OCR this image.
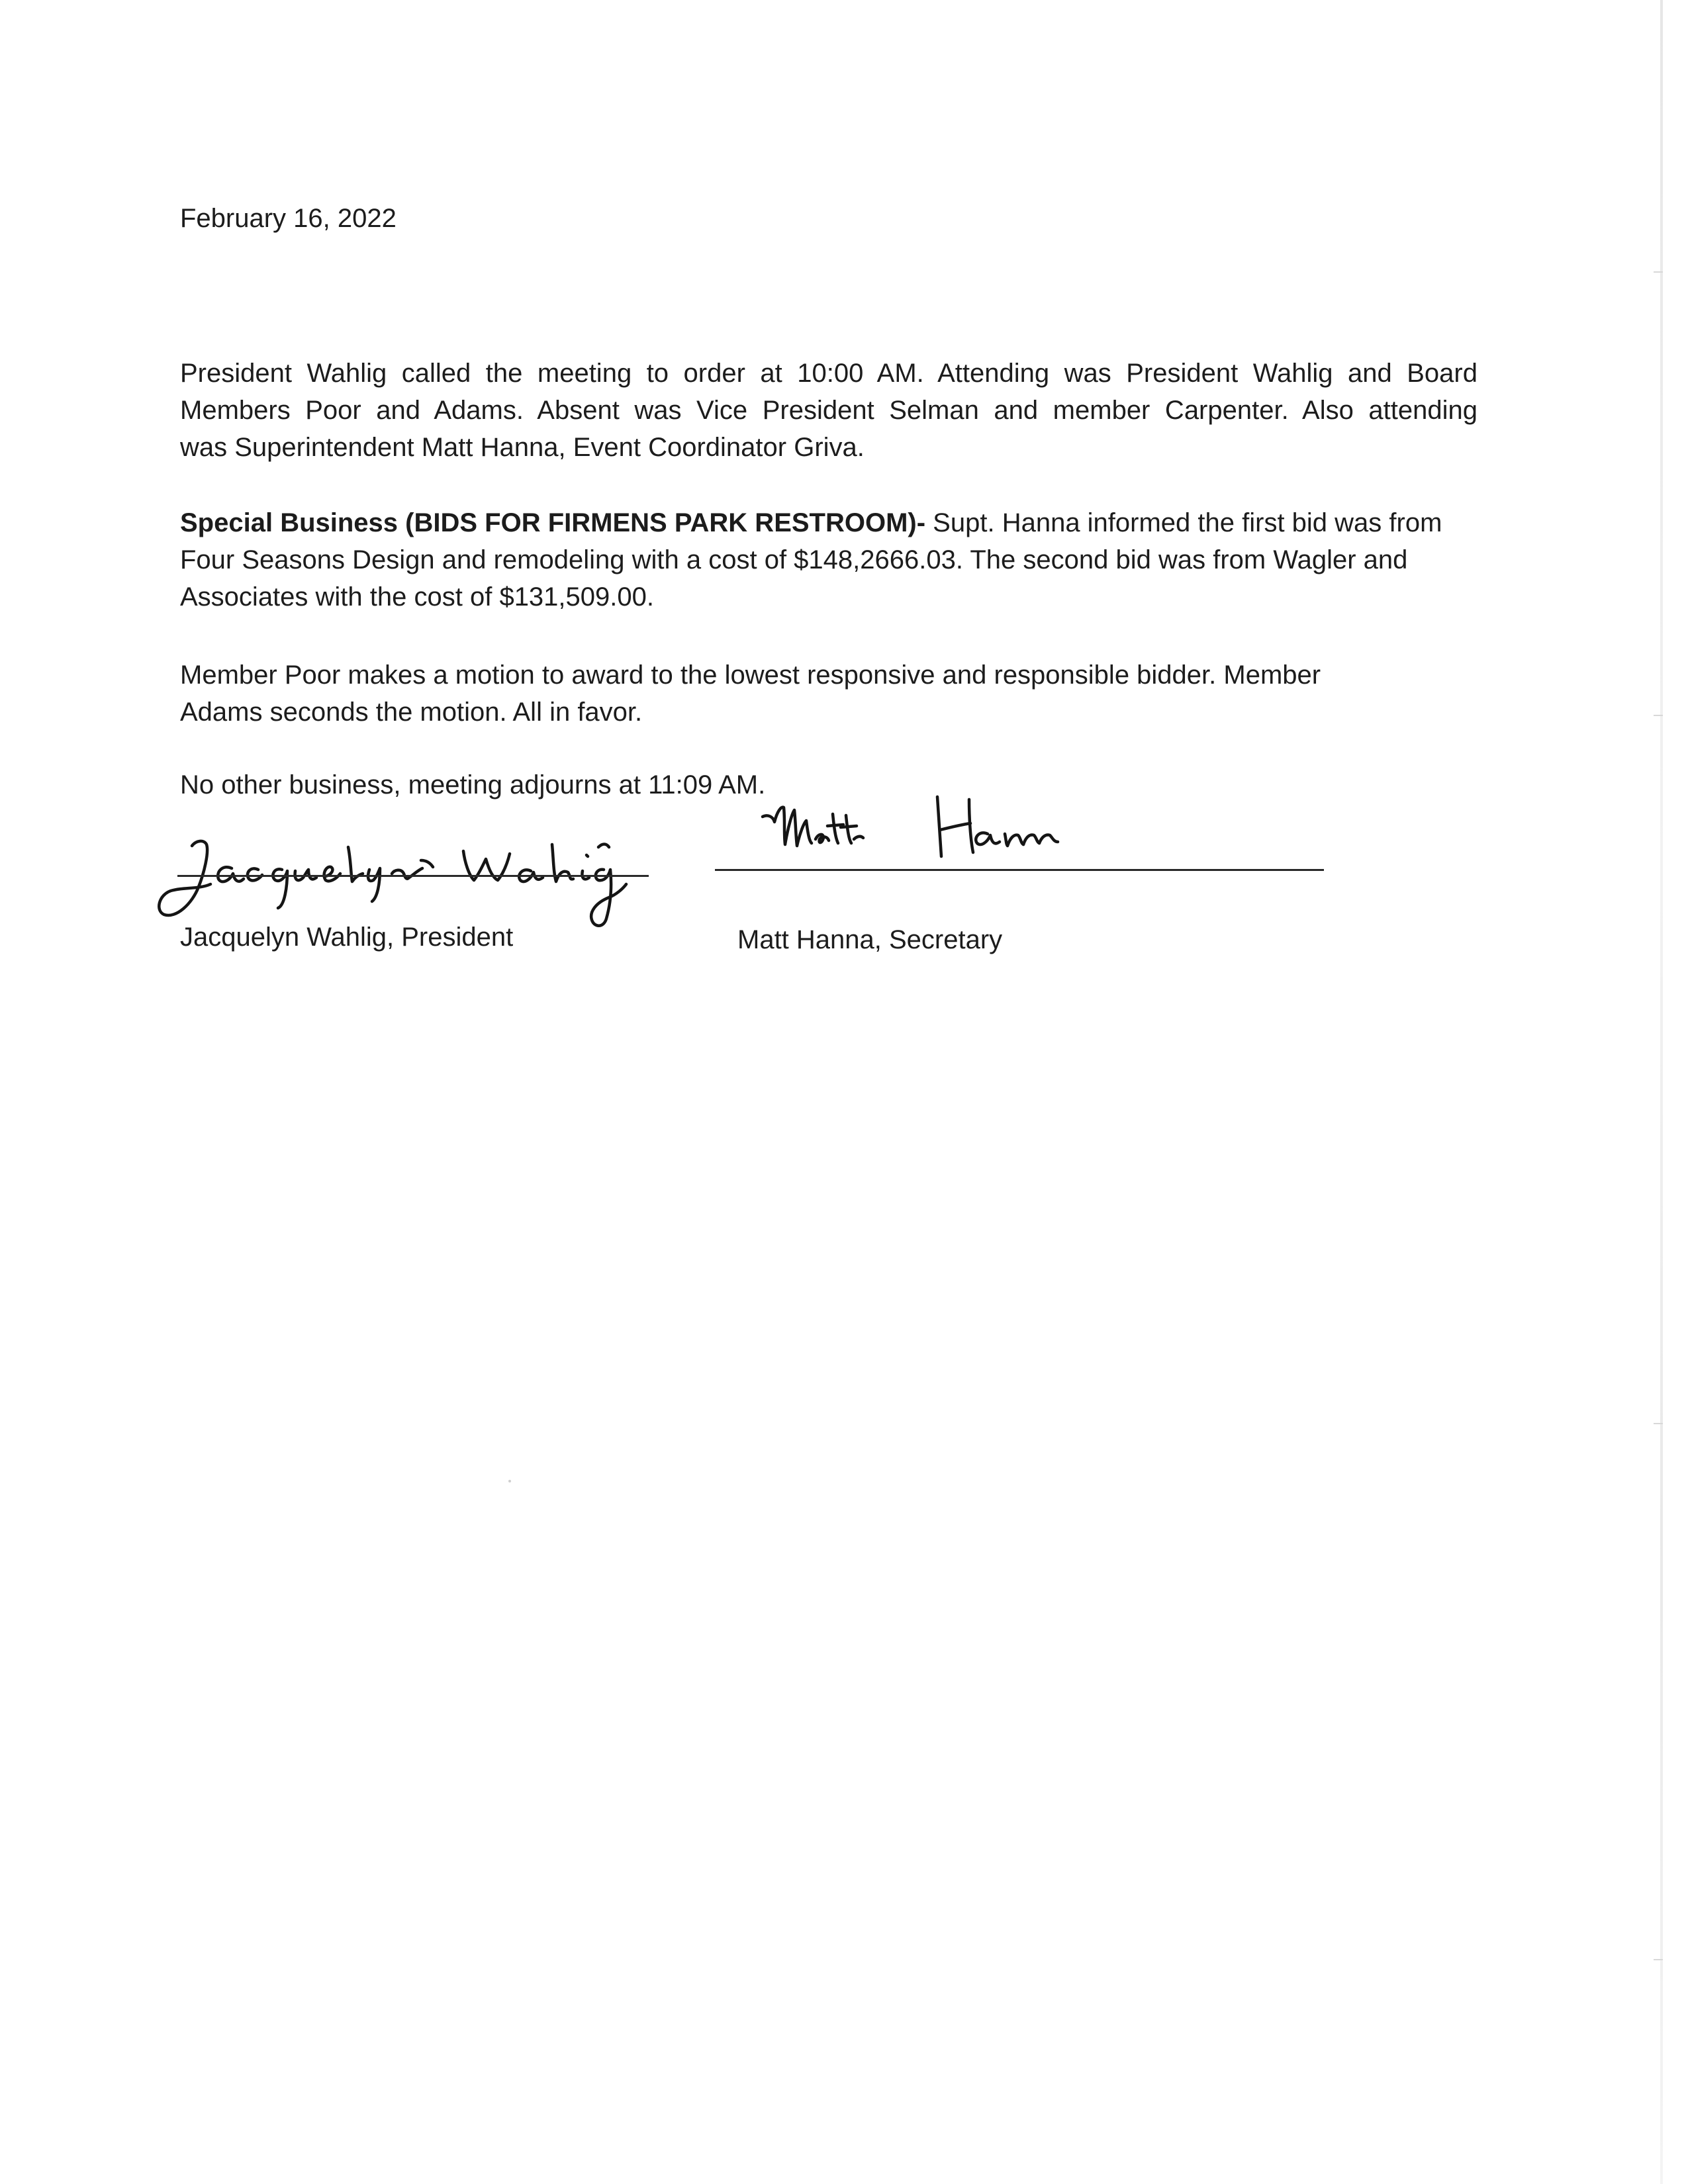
February 16, 2022
President Wahlig called the meeting to order at 10:00 AM. Attending was President Wahlig and Board
Members Poor and Adams. Absent was Vice President Selman and member Carpenter. Also attending
was Superintendent Matt Hanna, Event Coordinator Griva.
Special Business (BIDS FOR FIRMENS PARK RESTROOM)- Supt. Hanna informed the first bid was from
Four Seasons Design and remodeling with a cost of $148,2666.03. The second bid was from Wagler and
Associates with the cost of $131,509.00.
Member Poor makes a motion to award to the lowest responsive and responsible bidder. Member
Adams seconds the motion. All in favor.
No other business, meeting adjourns at 11:09 AM.
Jacquelyn Wahlig, President	Matt Hanna, Secretary
